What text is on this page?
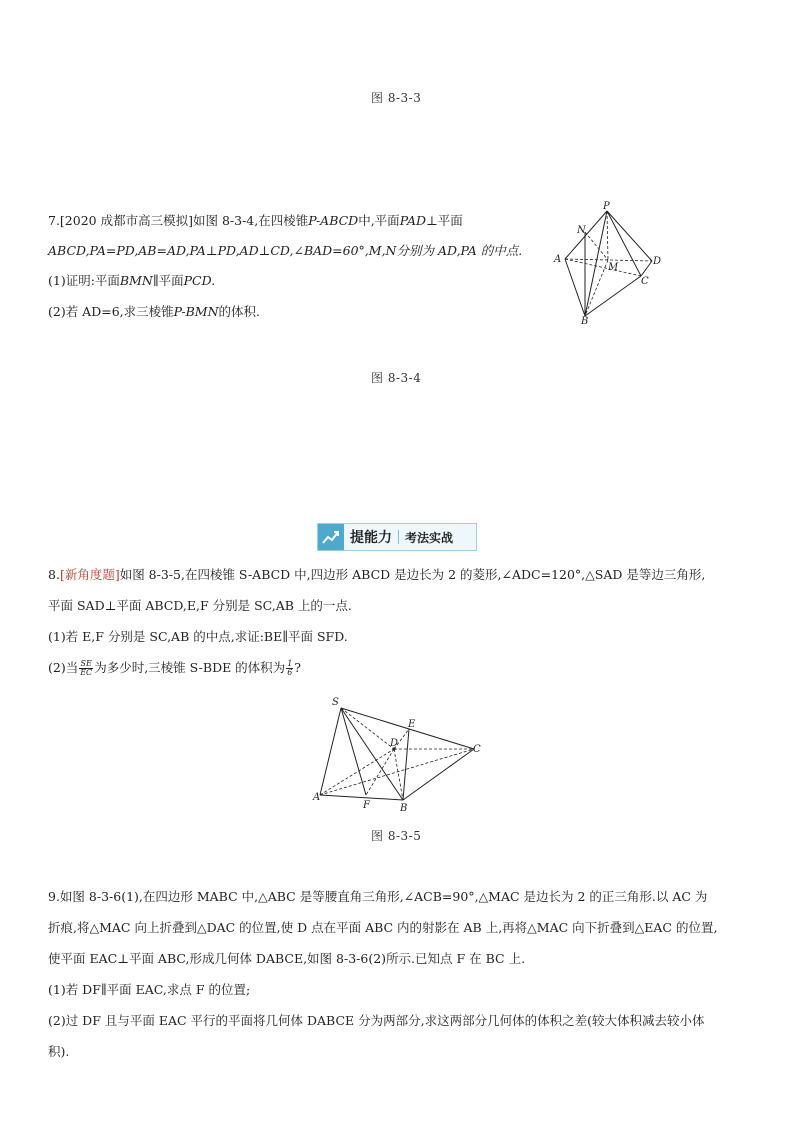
图 8-3-3
7.[2020 成都市高三模拟]如图 8-3-4,在四棱锥P-ABCD中,平面PAD⊥平面
ABCD,PA=PD,AB=AD,PA⊥PD,AD⊥CD,∠BAD=60°,M,N分别为 AD,PA 的中点.
(1)证明:平面BMN∥平面PCD.
(2)若 AD=6,求三棱锥P-BMN的体积.
P
N
A
M
D
C
B
图 8-3-4
提能力	考法实战
8.[新角度题]如图 8-3-5,在四棱锥 S-ABCD 中,四边形 ABCD 是边长为 2 的菱形,∠ADC=120°,△SAD 是等边三角形,
平面 SAD⊥平面 ABCD,E,F 分别是 SC,AB 上的一点.
(1)若 E,F 分别是 SC,AB 的中点,求证:BE∥平面 SFD.
(2)当 $\frac{SE}{EC}$ 为多少时,三棱锥 S-BDE 的体积为 $\frac{1}{6}$ ?
S
E
D
C
A
F	B
图 8-3-5
9.如图 8-3-6(1),在四边形 MABC 中,△ABC 是等腰直角三角形,∠ACB=90°,△MAC 是边长为 2 的正三角形.以 AC 为
折痕,将△MAC 向上折叠到△DAC 的位置,使 D 点在平面 ABC 内的射影在 AB 上,再将△MAC 向下折叠到△EAC 的位置,
使平面 EAC⊥平面 ABC,形成几何体 DABCE,如图 8-3-6(2)所示.已知点 F 在 BC 上.
(1)若 DF∥平面 EAC,求点 F 的位置;
(2)过 DF 且与平面 EAC 平行的平面将几何体 DABCE 分为两部分,求这两部分几何体的体积之差(较大体积减去较小体
积).
